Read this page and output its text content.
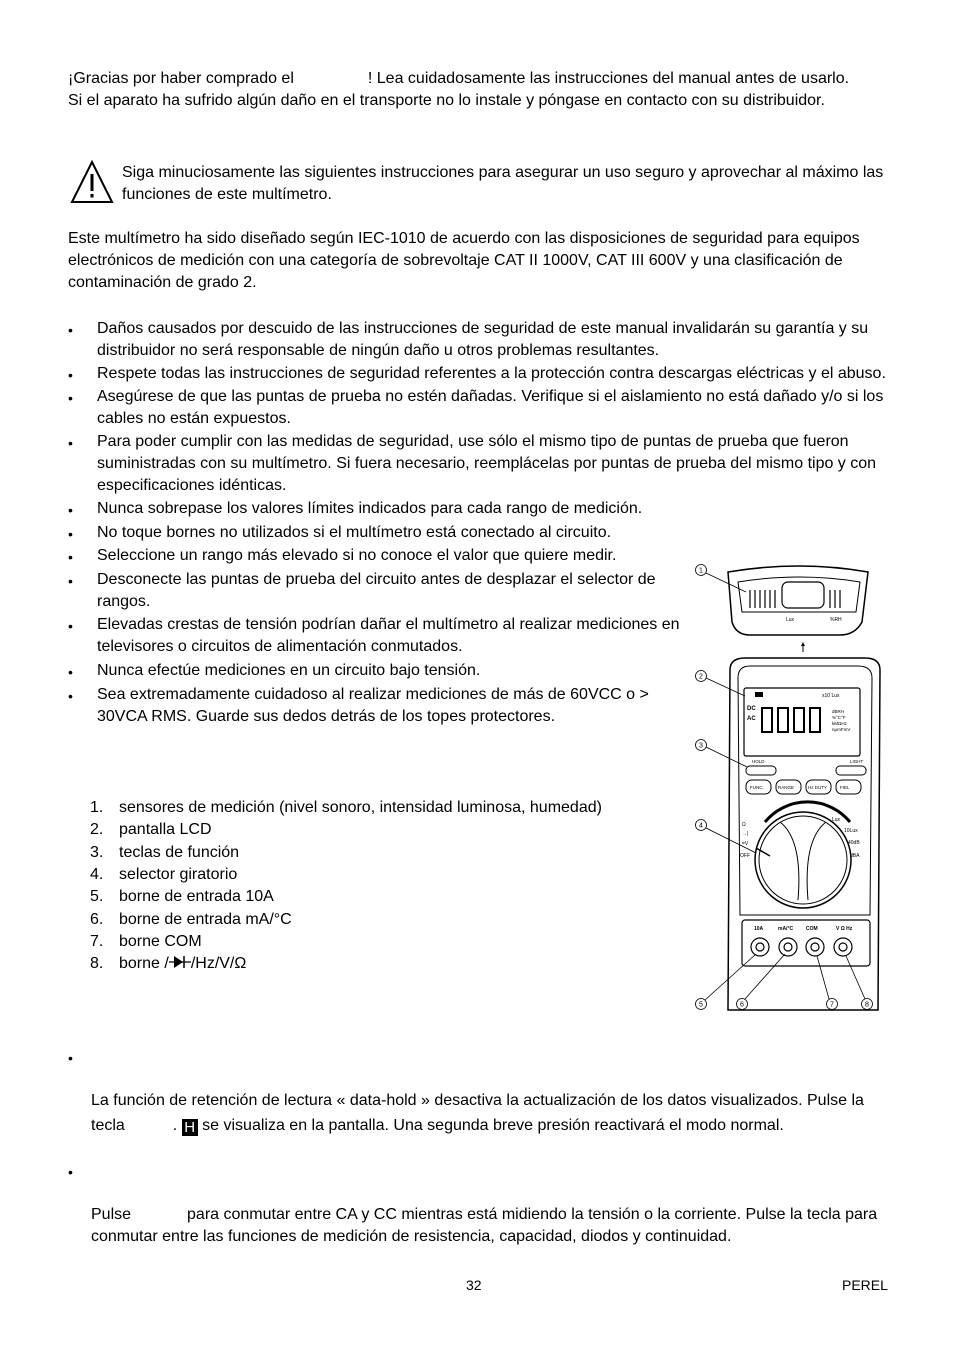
¡Gracias por haber comprado el	! Lea cuidadosamente las instrucciones del manual antes de usarlo.

Si el aparato ha sufrido algún daño en el transporte no lo instale y póngase en contacto con su distribuidor.

Siga minuciosamente las siguientes instrucciones para asegurar un uso seguro y aprovechar al máximo las

funciones de este multímetro.

Este multímetro ha sido diseñado según IEC-1010 de acuerdo con las disposiciones de seguridad para equipos

electrónicos de medición con una categoría de sobrevoltaje CAT II 1000V, CAT III 600V y una clasificación de

contaminación de grado 2.

• Daños causados por descuido de las instrucciones de seguridad de este manual invalidarán su garantía y su

distribuidor no será responsable de ningún daño u otros problemas resultantes.

• Respete todas las instrucciones de seguridad referentes a la protección contra descargas eléctricas y el abuso.

• Asegúrese de que las puntas de prueba no estén dañadas. Verifique si el aislamiento no está dañado y/o si los

cables no están expuestos.

• Para poder cumplir con las medidas de seguridad, use sólo el mismo tipo de puntas de prueba que fueron

suministradas con su multímetro. Si fuera necesario, reemplácelas por puntas de prueba del mismo tipo y con

especificaciones idénticas.

• Nunca sobrepase los valores límites indicados para cada rango de medición.

• No toque bornes no utilizados si el multímetro está conectado al circuito.

• Seleccione un rango más elevado si no conoce el valor que quiere medir.

• Desconecte las puntas de prueba del circuito antes de desplazar el selector de

rangos.

• Elevadas crestas de tensión podrían dañar el multímetro al realizar mediciones en

televisores o circuitos de alimentación conmutados.

• Nunca efectúe mediciones en un circuito bajo tensión.

• Sea extremadamente cuidadoso al realizar mediciones de más de 60VCC o >

30VCA RMS. Guarde sus dedos detrás de los topes protectores.

1. sensores de medición (nivel sonoro, intensidad luminosa, humedad)
2. pantalla LCD
3. teclas de función
4. selector giratorio
5. borne de entrada 10A
6. borne de entrada mA/°C
7. borne COM
8. borne / /Hz/V/Ω
Lux	%RH
x10 Lux
DC
AC
dBRH
%°C°F
kMΩHz
nμmFmV
HOLD	LIGHT
FUNC.	RANGE	Hz DUTY	FIEL
Ω
→|
=V
OFF
Lux
10Lux
40dB
dBA
10A	mA/°C	COM	V Ω Hz
1
2
3
4
5	6	7	8
•

La función de retención de lectura « data-hold » desactiva la actualización de los datos visualizados. Pulse la

tecla	. H se visualiza en la pantalla. Una segunda breve presión reactivará el modo normal.

•

Pulse	para conmutar entre CA y CC mientras está midiendo la tensión o la corriente. Pulse la tecla para

conmutar entre las funciones de medición de resistencia, capacidad, diodos y continuidad.

32	PEREL
